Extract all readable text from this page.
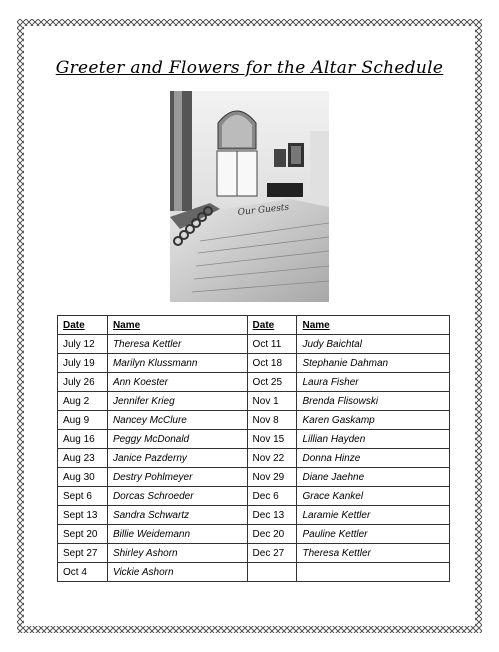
Greeter and Flowers for the Altar Schedule
Our Guests
Date	Name	Date	Name
July 12	Theresa Kettler	Oct 11	Judy Baichtal
July 19	Marilyn Klussmann	Oct 18	Stephanie Dahman
July 26	Ann Koester	Oct 25	Laura Fisher
Aug 2	Jennifer Krieg	Nov 1	Brenda Flisowski
Aug 9	Nancey McClure	Nov 8	Karen Gaskamp
Aug 16	Peggy McDonald	Nov 15	Lillian Hayden
Aug 23	Janice Pazderny	Nov 22	Donna Hinze
Aug 30	Destry Pohlmeyer	Nov 29	Diane Jaehne
Sept 6	Dorcas Schroeder	Dec 6	Grace Kankel
Sept 13	Sandra Schwartz	Dec 13	Laramie Kettler
Sept 20	Billie Weidemann	Dec 20	Pauline Kettler
Sept 27	Shirley Ashorn	Dec 27	Theresa Kettler
Oct 4	Vickie Ashorn		
